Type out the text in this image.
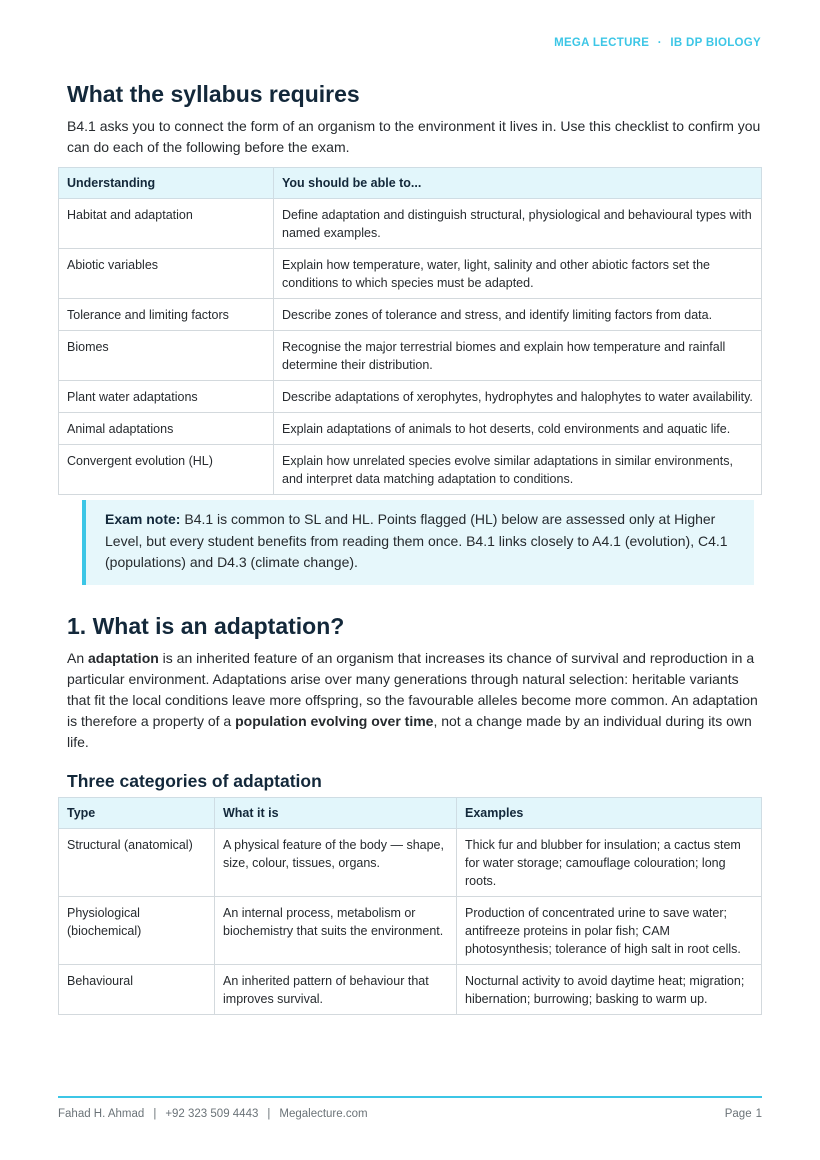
MEGA LECTURE · IB DP BIOLOGY
What the syllabus requires

B4.1 asks you to connect the form of an organism to the environment it lives in. Use this checklist to confirm you can do each of the following before the exam.

Understanding	You should be able to...
Habitat and adaptation	Define adaptation and distinguish structural, physiological and behavioural types with named examples.
Abiotic variables	Explain how temperature, water, light, salinity and other abiotic factors set the conditions to which species must be adapted.
Tolerance and limiting factors	Describe zones of tolerance and stress, and identify limiting factors from data.
Biomes	Recognise the major terrestrial biomes and explain how temperature and rainfall determine their distribution.
Plant water adaptations	Describe adaptations of xerophytes, hydrophytes and halophytes to water availability.
Animal adaptations	Explain adaptations of animals to hot deserts, cold environments and aquatic life.
Convergent evolution (HL)	Explain how unrelated species evolve similar adaptations in similar environments, and interpret data matching adaptation to conditions.
Exam note: B4.1 is common to SL and HL. Points flagged (HL) below are assessed only at Higher Level, but every student benefits from reading them once. B4.1 links closely to A4.1 (evolution), C4.1 (populations) and D4.3 (climate change).
1. What is an adaptation?

An adaptation is an inherited feature of an organism that increases its chance of survival and reproduction in a particular environment. Adaptations arise over many generations through natural selection: heritable variants that fit the local conditions leave more offspring, so the favourable alleles become more common. An adaptation is therefore a property of a population evolving over time, not a change made by an individual during its own life.

Three categories of adaptation
Type	What it is	Examples
Structural (anatomical)	A physical feature of the body — shape, size, colour, tissues, organs.	Thick fur and blubber for insulation; a cactus stem for water storage; camouflage colouration; long roots.
Physiological (biochemical)	An internal process, metabolism or biochemistry that suits the environment.	Production of concentrated urine to save water; antifreeze proteins in polar fish; CAM photosynthesis; tolerance of high salt in root cells.
Behavioural	An inherited pattern of behaviour that improves survival.	Nocturnal activity to avoid daytime heat; migration; hibernation; burrowing; basking to warm up.
Fahad H. Ahmad | +92 323 509 4443 | Megalecture.com	Page 1
